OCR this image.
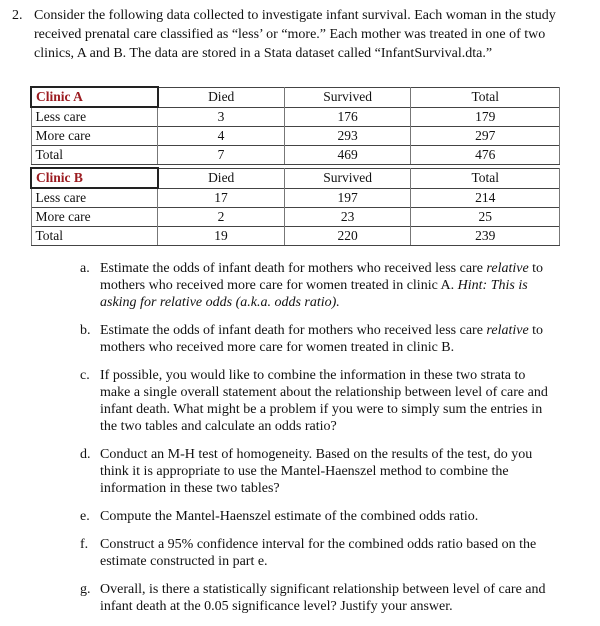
2. Consider the following data collected to investigate infant survival. Each woman in the study received prenatal care classified as “less’ or “more.” Each mother was treated in one of two clinics, A and B. The data are stored in a Stata dataset called “InfantSurvival.dta.”

Clinic A	Died	Survived	Total
Less care	3	176	179
More care	4	293	297
Total	7	469	476
Clinic B	Died	Survived	Total
Less care	17	197	214
More care	2	23	25
Total	19	220	239
a. Estimate the odds of infant death for mothers who received less care relative to mothers who received more care for women treated in clinic A. Hint: This is asking for relative odds (a.k.a. odds ratio).
b. Estimate the odds of infant death for mothers who received less care relative to mothers who received more care for women treated in clinic B.
c. If possible, you would like to combine the information in these two strata to make a single overall statement about the relationship between level of care and infant death. What might be a problem if you were to simply sum the entries in the two tables and calculate an odds ratio?
d. Conduct an M-H test of homogeneity. Based on the results of the test, do you think it is appropriate to use the Mantel-Haenszel method to combine the information in these two tables?
e. Compute the Mantel-Haenszel estimate of the combined odds ratio.
f. Construct a 95% confidence interval for the combined odds ratio based on the estimate constructed in part e.
g. Overall, is there a statistically significant relationship between level of care and infant death at the 0.05 significance level? Justify your answer.
